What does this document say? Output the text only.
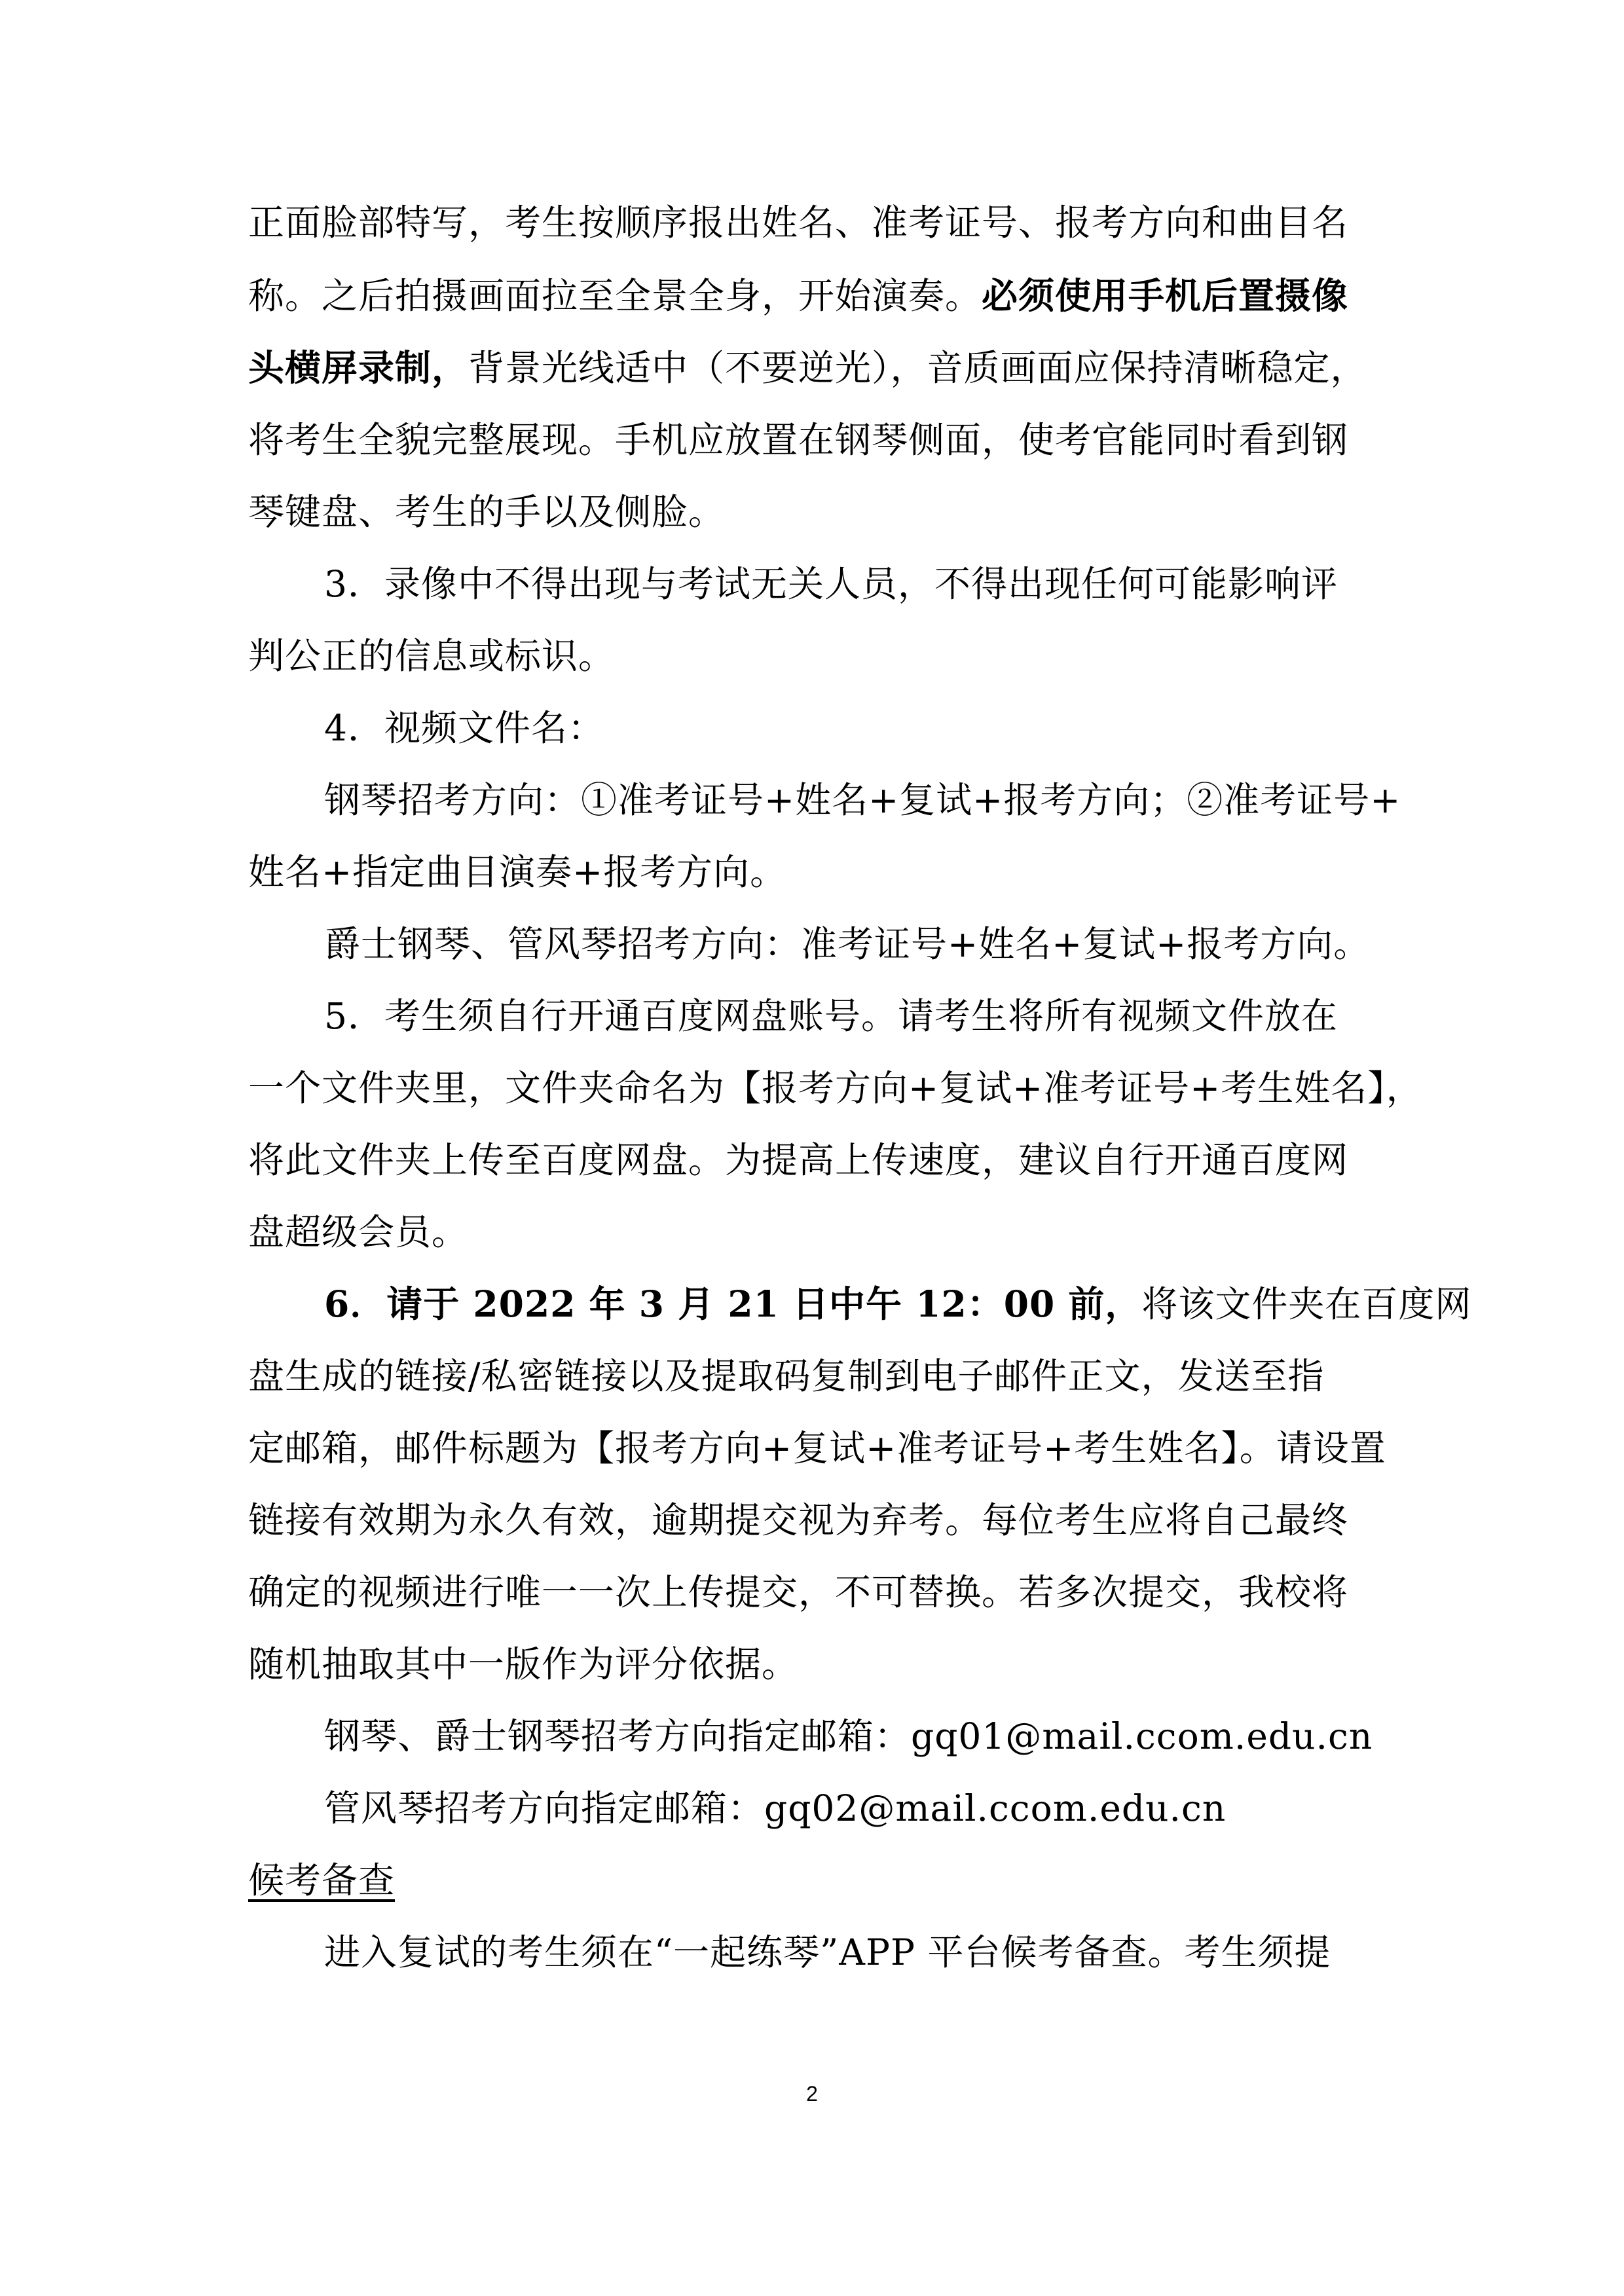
正面脸部特写，考生按顺序报出姓名、准考证号、报考方向和曲目名
称。之后拍摄画面拉至全景全身，开始演奏。必须使用手机后置摄像
头横屏录制，背景光线适中（不要逆光），音质画面应保持清晰稳定，
将考生全貌完整展现。手机应放置在钢琴侧面，使考官能同时看到钢
琴键盘、考生的手以及侧脸。
3．录像中不得出现与考试无关人员，不得出现任何可能影响评
判公正的信息或标识。
4．视频文件名：
钢琴招考方向：①准考证号+姓名+复试+报考方向；②准考证号+
姓名+指定曲目演奏+报考方向。
爵士钢琴、管风琴招考方向：准考证号+姓名+复试+报考方向。
5．考生须自行开通百度网盘账号。请考生将所有视频文件放在
一个文件夹里，文件夹命名为【报考方向+复试+准考证号+考生姓名】，
将此文件夹上传至百度网盘。为提高上传速度，建议自行开通百度网
盘超级会员。
6．请于 2022 年 3 月 21 日中午 12：00 前，将该文件夹在百度网
盘生成的链接/私密链接以及提取码复制到电子邮件正文，发送至指
定邮箱，邮件标题为【报考方向+复试+准考证号+考生姓名】。请设置
链接有效期为永久有效，逾期提交视为弃考。每位考生应将自己最终
确定的视频进行唯一一次上传提交，不可替换。若多次提交，我校将
随机抽取其中一版作为评分依据。
钢琴、爵士钢琴招考方向指定邮箱：gq01@mail.ccom.edu.cn
管风琴招考方向指定邮箱：gq02@mail.ccom.edu.cn
候考备查
进入复试的考生须在“一起练琴”APP 平台候考备查。考生须提
2
